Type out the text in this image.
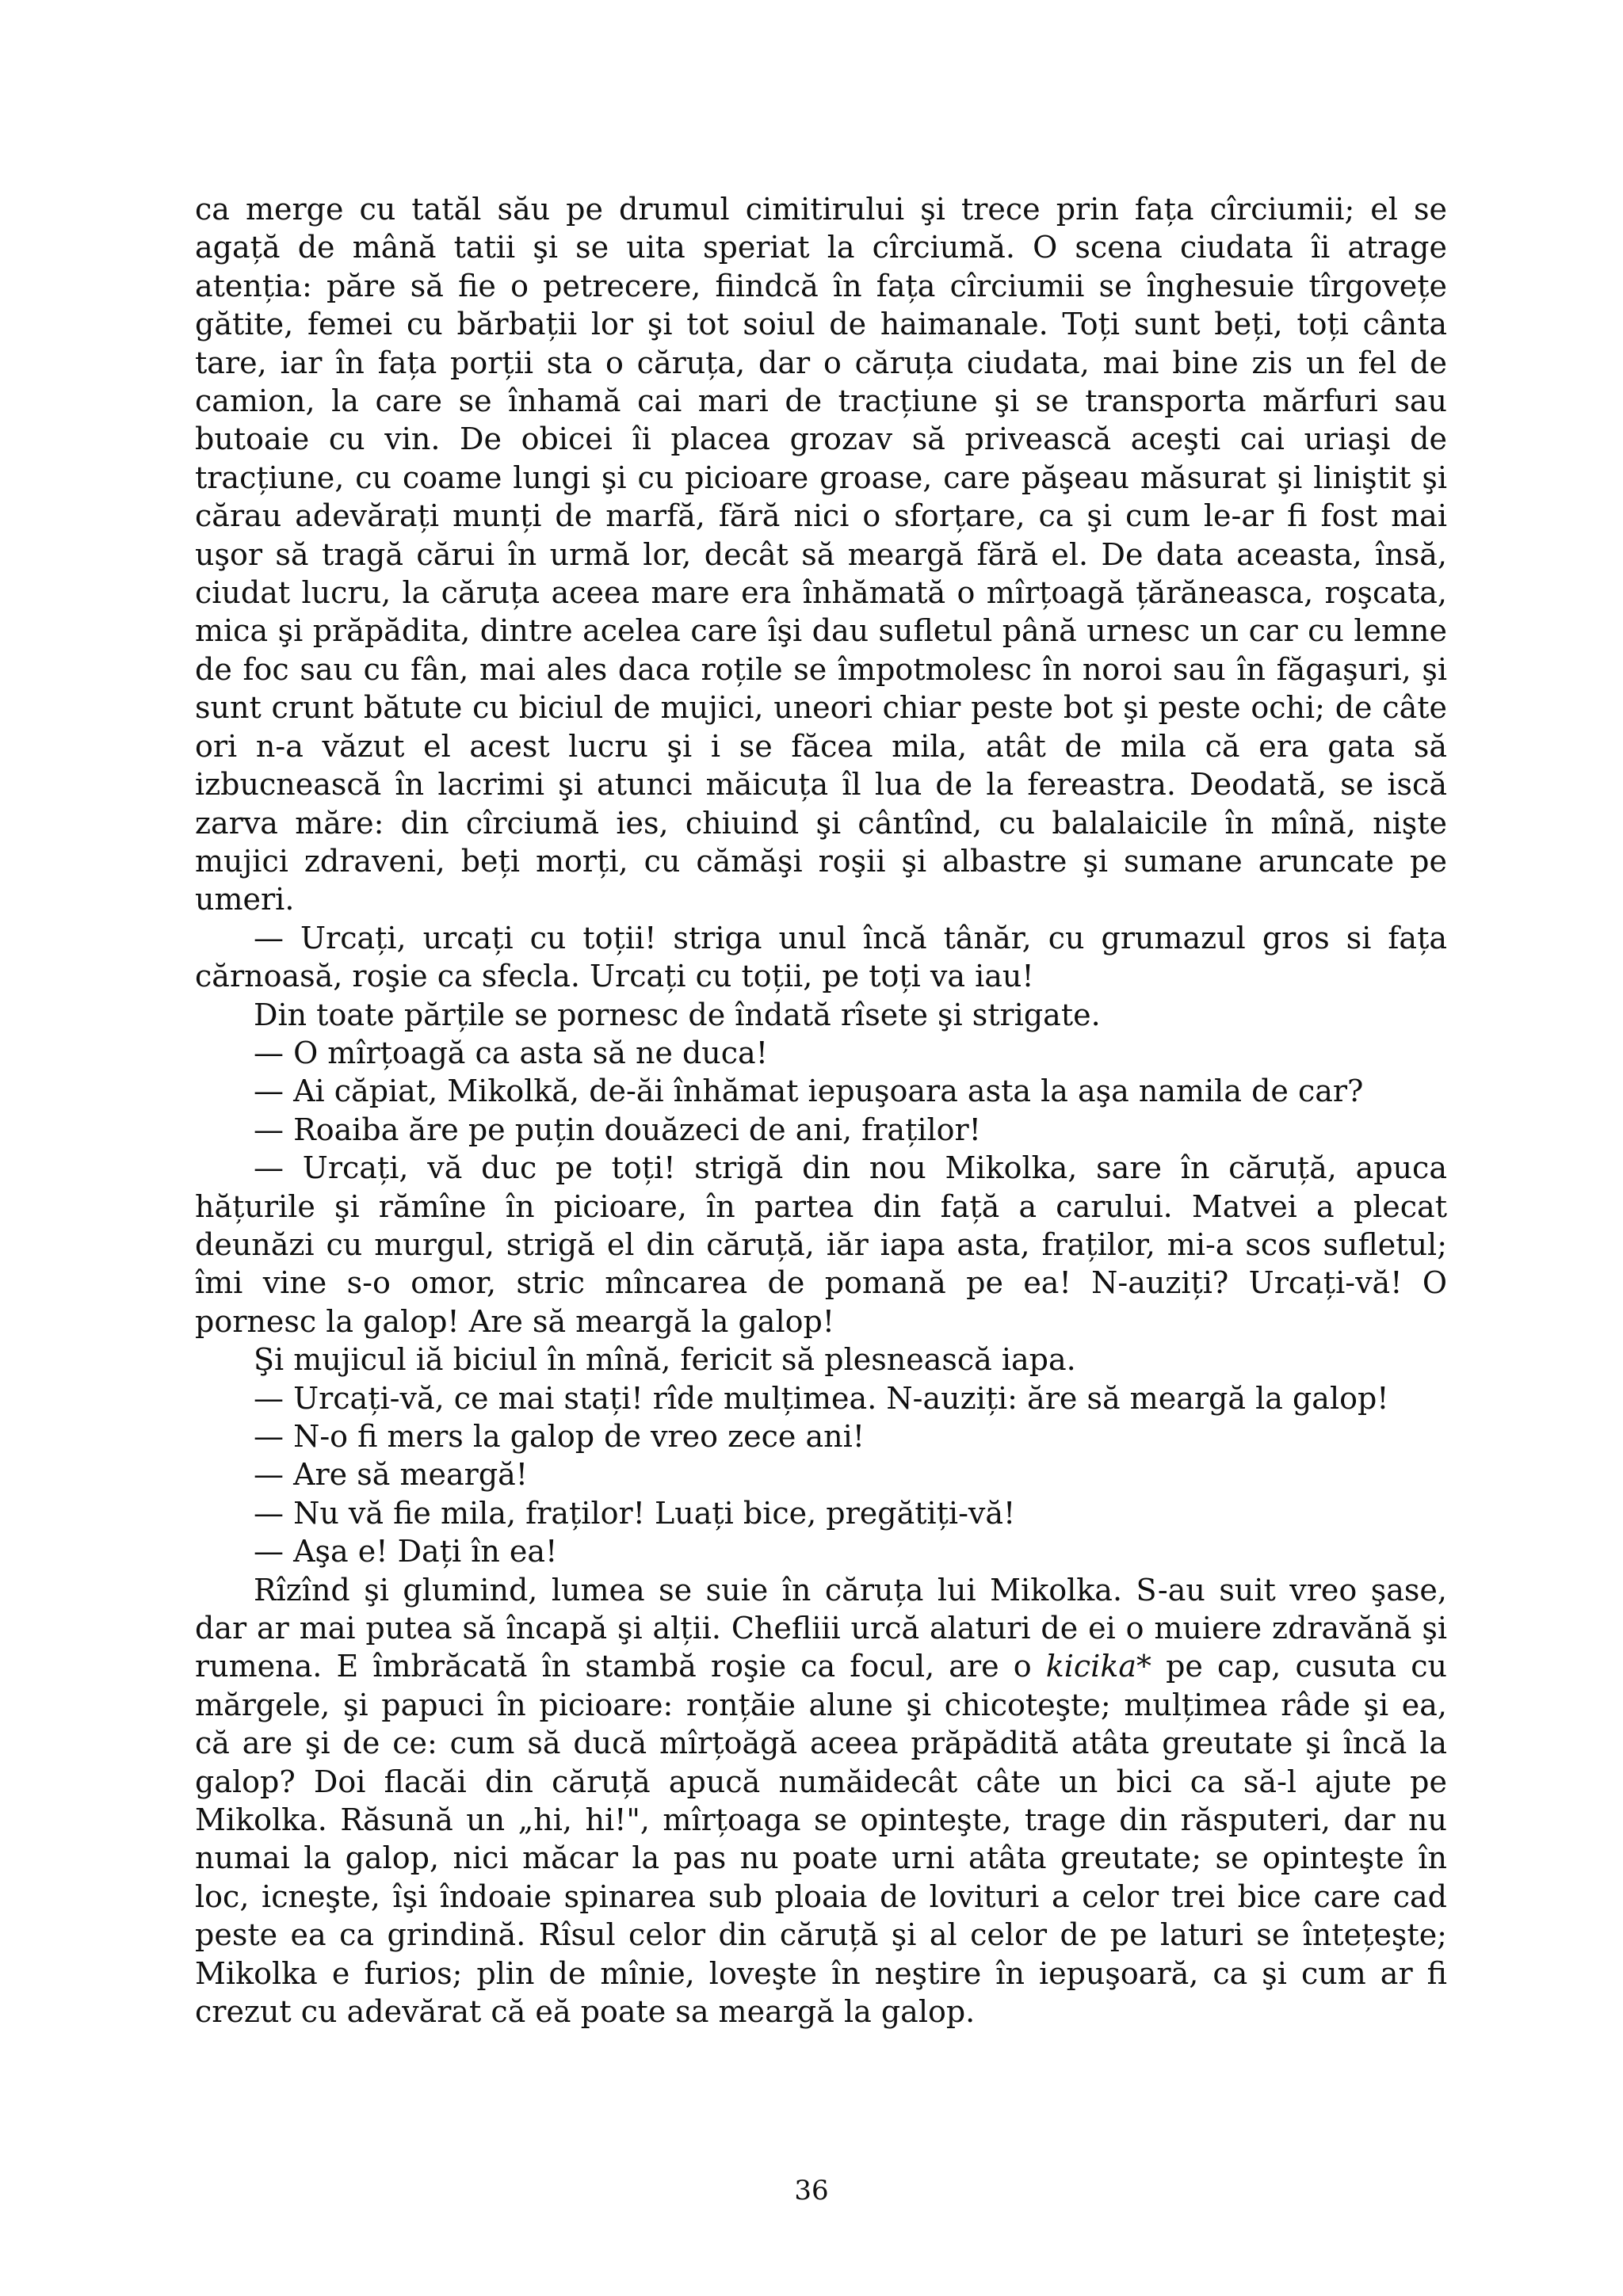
ca merge cu tatăl său pe drumul cimitirului şi trece prin fața cîrciumii; el se agață de mână tatii şi se uita speriat la cîrciumă. O scena ciudata îi atrage atenția: păre să fie o petrecere, fiindcă în fața cîrciumii se înghesuie tîrgovețe gătite, femei cu bărbații lor şi tot soiul de haimanale. Toți sunt beți, toți cânta tare, iar în fața porții sta o căruța, dar o căruța ciudata, mai bine zis un fel de camion, la care se înhamă cai mari de tracțiune şi se transporta mărfuri sau butoaie cu vin. De obicei îi placea grozav să privească aceşti cai uriaşi de tracțiune, cu coame lungi şi cu picioare groase, care păşeau măsurat şi liniştit şi cărau adevărați munți de marfă, fără nici o sforțare, ca şi cum le-ar fi fost mai uşor să tragă cărui în urmă lor, decât să meargă fără el. De data aceasta, însă, ciudat lucru, la căruța aceea mare era înhămată o mîrțoagă țărăneasca, roşcata, mica şi prăpădita, dintre acelea care îşi dau sufletul până urnesc un car cu lemne de foc sau cu fân, mai ales daca roțile se împotmolesc în noroi sau în făgaşuri, şi sunt crunt bătute cu biciul de mujici, uneori chiar peste bot şi peste ochi; de câte ori n-a văzut el acest lucru şi i se făcea mila, atât de mila că era gata să izbucnească în lacrimi şi atunci măicuța îl lua de la fereastra. Deodată, se iscă zarva măre: din cîrciumă ies, chiuind şi cântînd, cu balalaicile în mînă, nişte mujici zdraveni, beți morți, cu cămăşi roşii şi albastre şi sumane aruncate pe umeri.

— Urcați, urcați cu toții! striga unul încă tânăr, cu grumazul gros si fața cărnoasă, roşie ca sfecla. Urcați cu toții, pe toți va iau!

Din toate părțile se pornesc de îndată rîsete şi strigate.

— O mîrțoagă ca asta să ne duca!

— Ai căpiat, Mikolkă, de-ăi înhămat iepuşoara asta la aşa namila de car?

— Roaiba ăre pe puțin douăzeci de ani, fraților!

— Urcați, vă duc pe toți! strigă din nou Mikolka, sare în căruță, apuca hățurile şi rămîne în picioare, în partea din față a carului. Matvei a plecat deunăzi cu murgul, strigă el din căruță, iăr iapa asta, fraților, mi-a scos sufletul; îmi vine s-o omor, stric mîncarea de pomană pe ea! N-auziți? Urcați-vă! O pornesc la galop! Are să meargă la galop!

Şi mujicul iă biciul în mînă, fericit să plesnească iapa.

— Urcați-vă, ce mai stați! rîde mulțimea. N-auziți: ăre să meargă la galop!

— N-o fi mers la galop de vreo zece ani!

— Are să meargă!

— Nu vă fie mila, fraților! Luați bice, pregătiți-vă!

— Aşa e! Dați în ea!

Rîzînd şi glumind, lumea se suie în căruța lui Mikolka. S-au suit vreo şase, dar ar mai putea să încapă şi alții. Chefliii urcă alaturi de ei o muiere zdravănă şi rumena. E îmbrăcată în stambă roşie ca focul, are o kicika* pe cap, cusuta cu mărgele, şi papuci în picioare: ronțăie alune şi chicoteşte; mulțimea râde şi ea, că are şi de ce: cum să ducă mîrțoăgă aceea prăpădită atâta greutate şi încă la galop? Doi flacăi din căruță apucă număidecât câte un bici ca să-l ajute pe Mikolka. Răsună un „hi, hi!", mîrțoaga se opinteşte, trage din răsputeri, dar nu numai la galop, nici măcar la pas nu poate urni atâta greutate; se opinteşte în loc, icneşte, îşi îndoaie spinarea sub ploaia de lovituri a celor trei bice care cad peste ea ca grindină. Rîsul celor din căruță şi al celor de pe laturi se întețeşte; Mikolka e furios; plin de mînie, loveşte în neştire în iepuşoară, ca şi cum ar fi crezut cu adevărat că eă poate sa meargă la galop.

36
